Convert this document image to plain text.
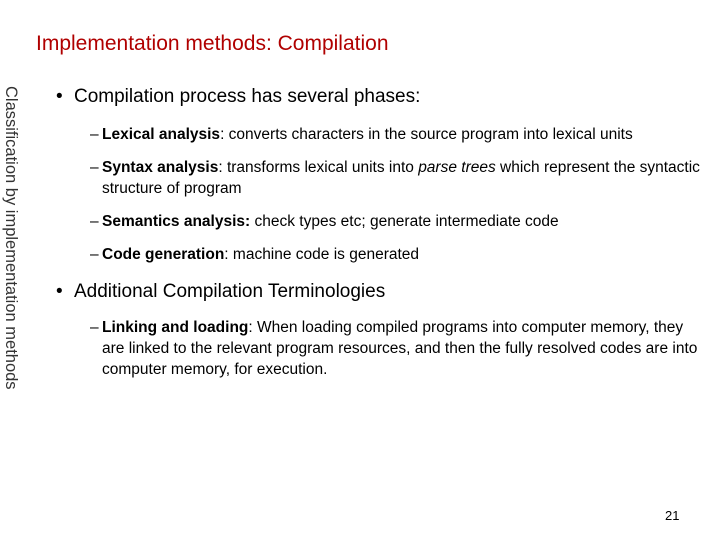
Implementation methods: Compilation
Classification by implementation methods • Compilation process has several phases:

– Lexical analysis: converts characters in the source program into lexical units
– Syntax analysis: transforms lexical units into parse trees which represent the syntactic structure of program
– Semantics analysis: check types etc; generate intermediate code
– Code generation: machine code is generated

• Additional Compilation Terminologies

– Linking and loading: When loading compiled programs into computer memory, they are linked to the relevant program resources, and then the fully resolved codes are into computer memory, for execution.
21
